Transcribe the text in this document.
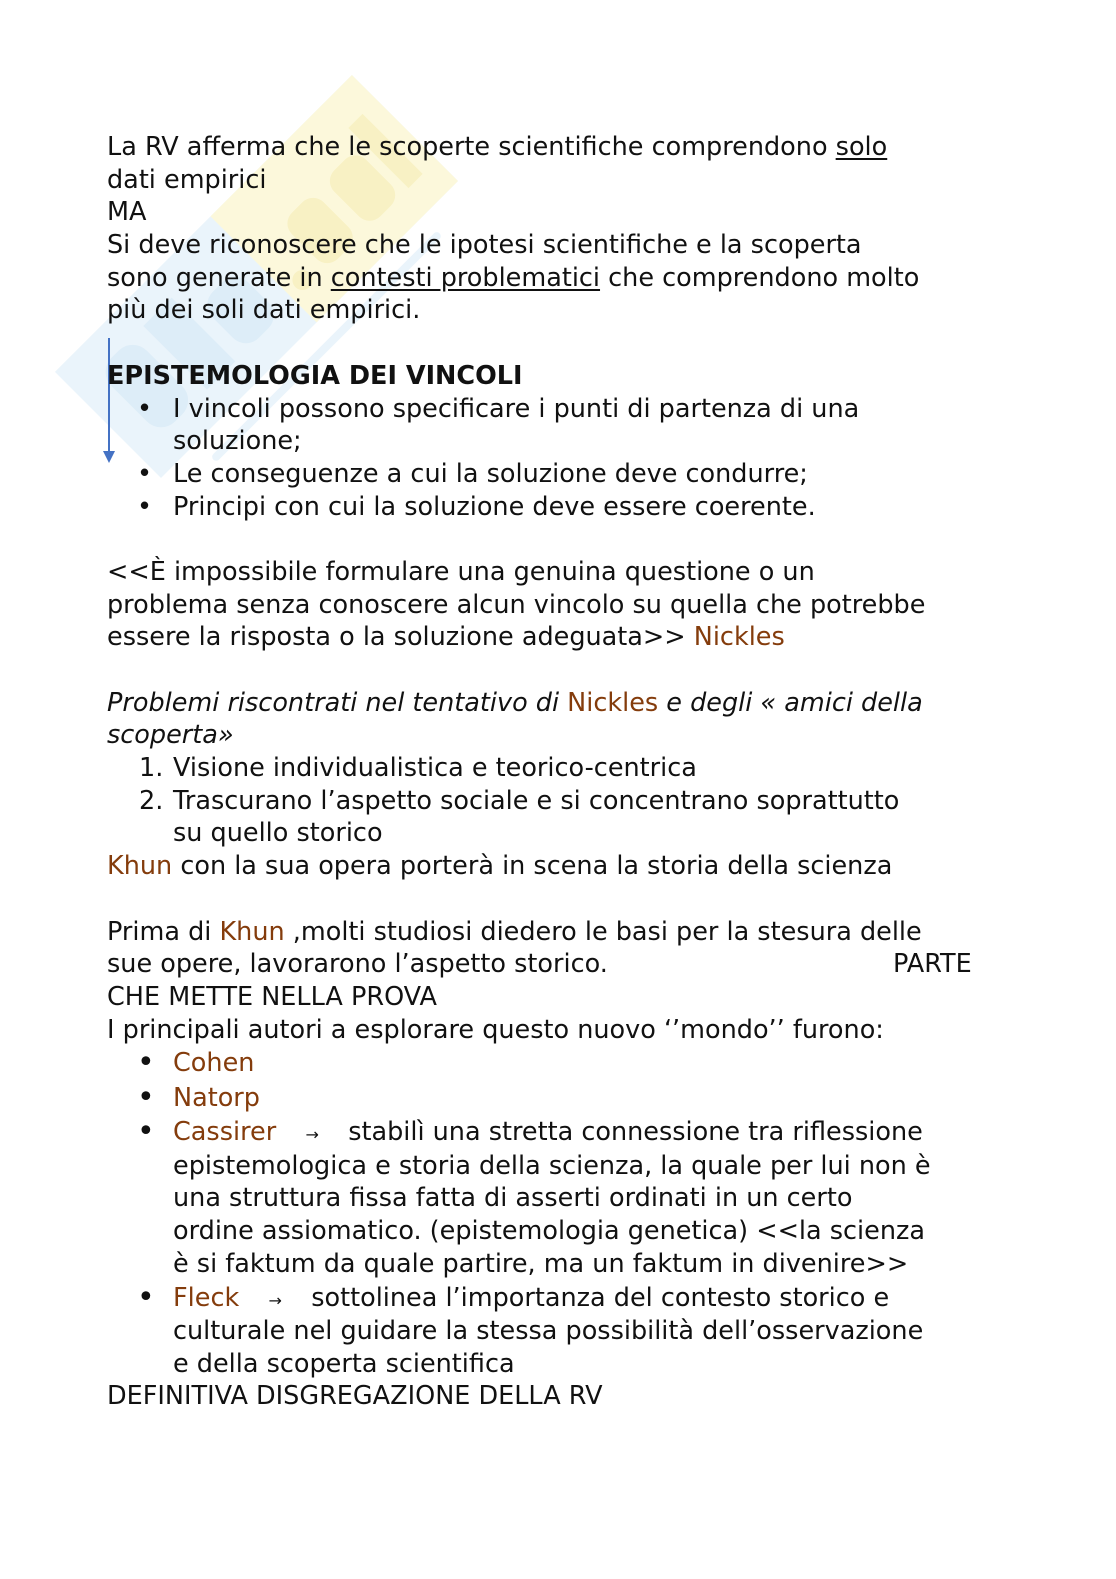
La RV afferma che le scoperte scientifiche comprendono solo
dati empirici
MA
Si deve riconoscere che le ipotesi scientifiche e la scoperta
sono generate in contesti problematici che comprendono molto
più dei soli dati empirici.
EPISTEMOLOGIA DEI VINCOLI
• I vincoli possono specificare i punti di partenza di una
soluzione;
• Le conseguenze a cui la soluzione deve condurre;
• Principi con cui la soluzione deve essere coerente.
<<È impossibile formulare una genuina questione o un
problema senza conoscere alcun vincolo su quella che potrebbe
essere la risposta o la soluzione adeguata>> Nickles
Problemi riscontrati nel tentativo di Nickles e degli « amici della
scoperta»
1. Visione individualistica e teorico-centrica
2. Trascurano l’aspetto sociale e si concentrano soprattutto
su quello storico
Khun con la sua opera porterà in scena la storia della scienza
Prima di Khun ,molti studiosi diedero le basi per la stesura delle
sue opere, lavorarono l’aspetto storico.	PARTE
CHE METTE NELLA PROVA
I principali autori a esplorare questo nuovo ‘’mondo’’ furono:
• Cohen
• Natorp
• Cassirer → stabilì una stretta connessione tra riflessione
epistemologica e storia della scienza, la quale per lui non è
una struttura fissa fatta di asserti ordinati in un certo
ordine assiomatico. (epistemologia genetica) <<la scienza
è si faktum da quale partire, ma un faktum in divenire>>
• Fleck → sottolinea l’importanza del contesto storico e
culturale nel guidare la stessa possibilità dell’osservazione
e della scoperta scientifica
DEFINITIVA DISGREGAZIONE DELLA RV
